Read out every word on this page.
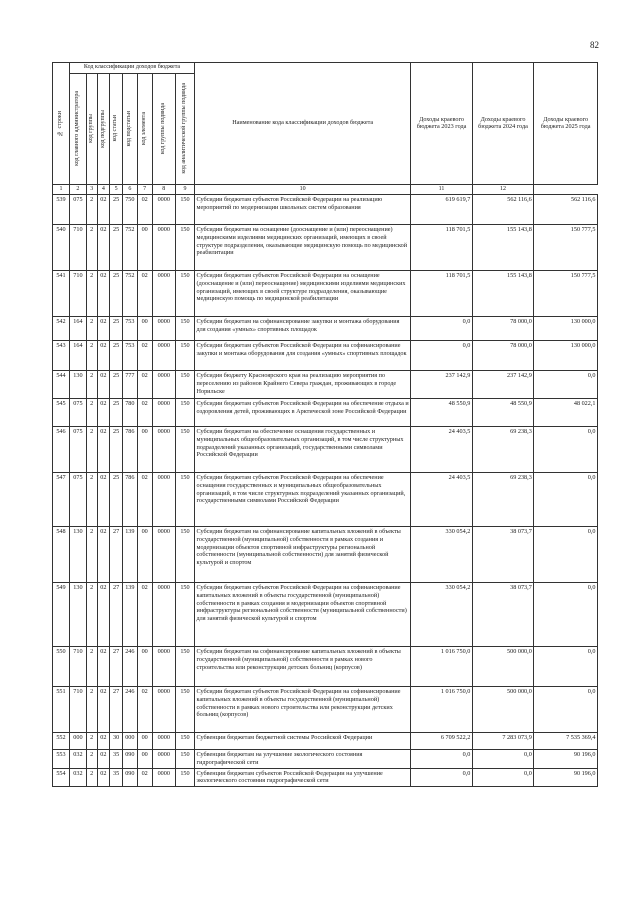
82
№ строки	Код классификации доходов бюджета								Наименование кода классификации доходов бюджета	Доходы краевого бюджета 2023 года	Доходы краевого бюджета 2024 года	Доходы краевого бюджета 2025 года

	код главного администратора	код группы	код подгруппы	код статьи	код подстатьи	код элемента	код группы подвида	код аналитической группы подвида				

1	2	3	4	5	6	7	8	9	10	11	12	
539	075	2	02	25	750	02	0000	150	Субсидии бюджетам субъектов Российской Федерации на реализацию мероприятий по модернизации школьных систем образования	619 619,7	562 116,6	562 116,6
540	710	2	02	25	752	00	0000	150	Субсидии бюджетам на оснащение (дооснащение и (или) переоснащение) медицинскими изделиями медицинских организаций, имеющих в своей структуре подразделения, оказывающие медицинскую помощь по медицинской реабилитации	118 701,5	155 143,8	150 777,5
541	710	2	02	25	752	02	0000	150	Субсидии бюджетам субъектов Российской Федерации на оснащение (дооснащение и (или) переоснащение) медицинскими изделиями медицинских организаций, имеющих в своей структуре подразделения, оказывающие медицинскую помощь по медицинской реабилитации	118 701,5	155 143,8	150 777,5
542	164	2	02	25	753	00	0000	150	Субсидии бюджетам на софинансирование закупки и монтажа оборудования для создания «умных» спортивных площадок	0,0	78 000,0	130 000,0
543	164	2	02	25	753	02	0000	150	Субсидии бюджетам субъектов Российской Федерации на софинансирование закупки и монтажа оборудования для создания «умных» спортивных площадок	0,0	78 000,0	130 000,0
544	130	2	02	25	777	02	0000	150	Субсидия бюджету Красноярского края на реализацию мероприятия по переселению из районов Крайнего Севера граждан, проживающих в городе Норильске	237 142,9	237 142,9	0,0
545	075	2	02	25	780	02	0000	150	Субсидии бюджетам субъектов Российской Федерации на обеспечение отдыха и оздоровления детей, проживающих в Арктической зоне Российской Федерации	48 550,9	48 550,9	48 022,1
546	075	2	02	25	786	00	0000	150	Субсидии бюджетам на обеспечение оснащения государственных и муниципальных общеобразовательных организаций, в том числе структурных подразделений указанных организаций, государственными символами Российской Федерации	24 403,5	69 238,3	0,0
547	075	2	02	25	786	02	0000	150	Субсидии бюджетам субъектов Российской Федерации на обеспечение оснащения государственных и муниципальных общеобразовательных организаций, в том числе структурных подразделений указанных организаций, государственными символами Российской Федерации	24 403,5	69 238,3	0,0
548	130	2	02	27	139	00	0000	150	Субсидии бюджетам на софинансирование капитальных вложений в объекты государственной (муниципальной) собственности в рамках создания и модернизации объектов спортивной инфраструктуры региональной собственности (муниципальной собственности) для занятий физической культурой и спортом	330 054,2	38 073,7	0,0
549	130	2	02	27	139	02	0000	150	Субсидии бюджетам субъектов Российской Федерации на софинансирование капитальных вложений в объекты государственной (муниципальной) собственности в рамках создания и модернизации объектов спортивной инфраструктуры региональной собственности (муниципальной собственности) для занятий физической культурой и спортом	330 054,2	38 073,7	0,0
550	710	2	02	27	246	00	0000	150	Субсидии бюджетам на софинансирование капитальных вложений в объекты государственной (муниципальной) собственности в рамках нового строительства или реконструкции детских больниц (корпусов)	1 016 750,0	500 000,0	0,0
551	710	2	02	27	246	02	0000	150	Субсидии бюджетам субъектов Российской Федерации на софинансирование капитальных вложений в объекты государственной (муниципальной) собственности в рамках нового строительства или реконструкции детских больниц (корпусов)	1 016 750,0	500 000,0	0,0
552	000	2	02	30	000	00	0000	150	Субвенции бюджетам бюджетной системы Российской Федерации	6 709 522,2	7 283 073,9	7 535 369,4
553	032	2	02	35	090	00	0000	150	Субвенции бюджетам на улучшение экологического состояния гидрографической сети	0,0	0,0	90 196,0
554	032	2	02	35	090	02	0000	150	Субвенции бюджетам субъектов Российской Федерации на улучшение экологического состояния гидрографической сети	0,0	0,0	90 196,0
